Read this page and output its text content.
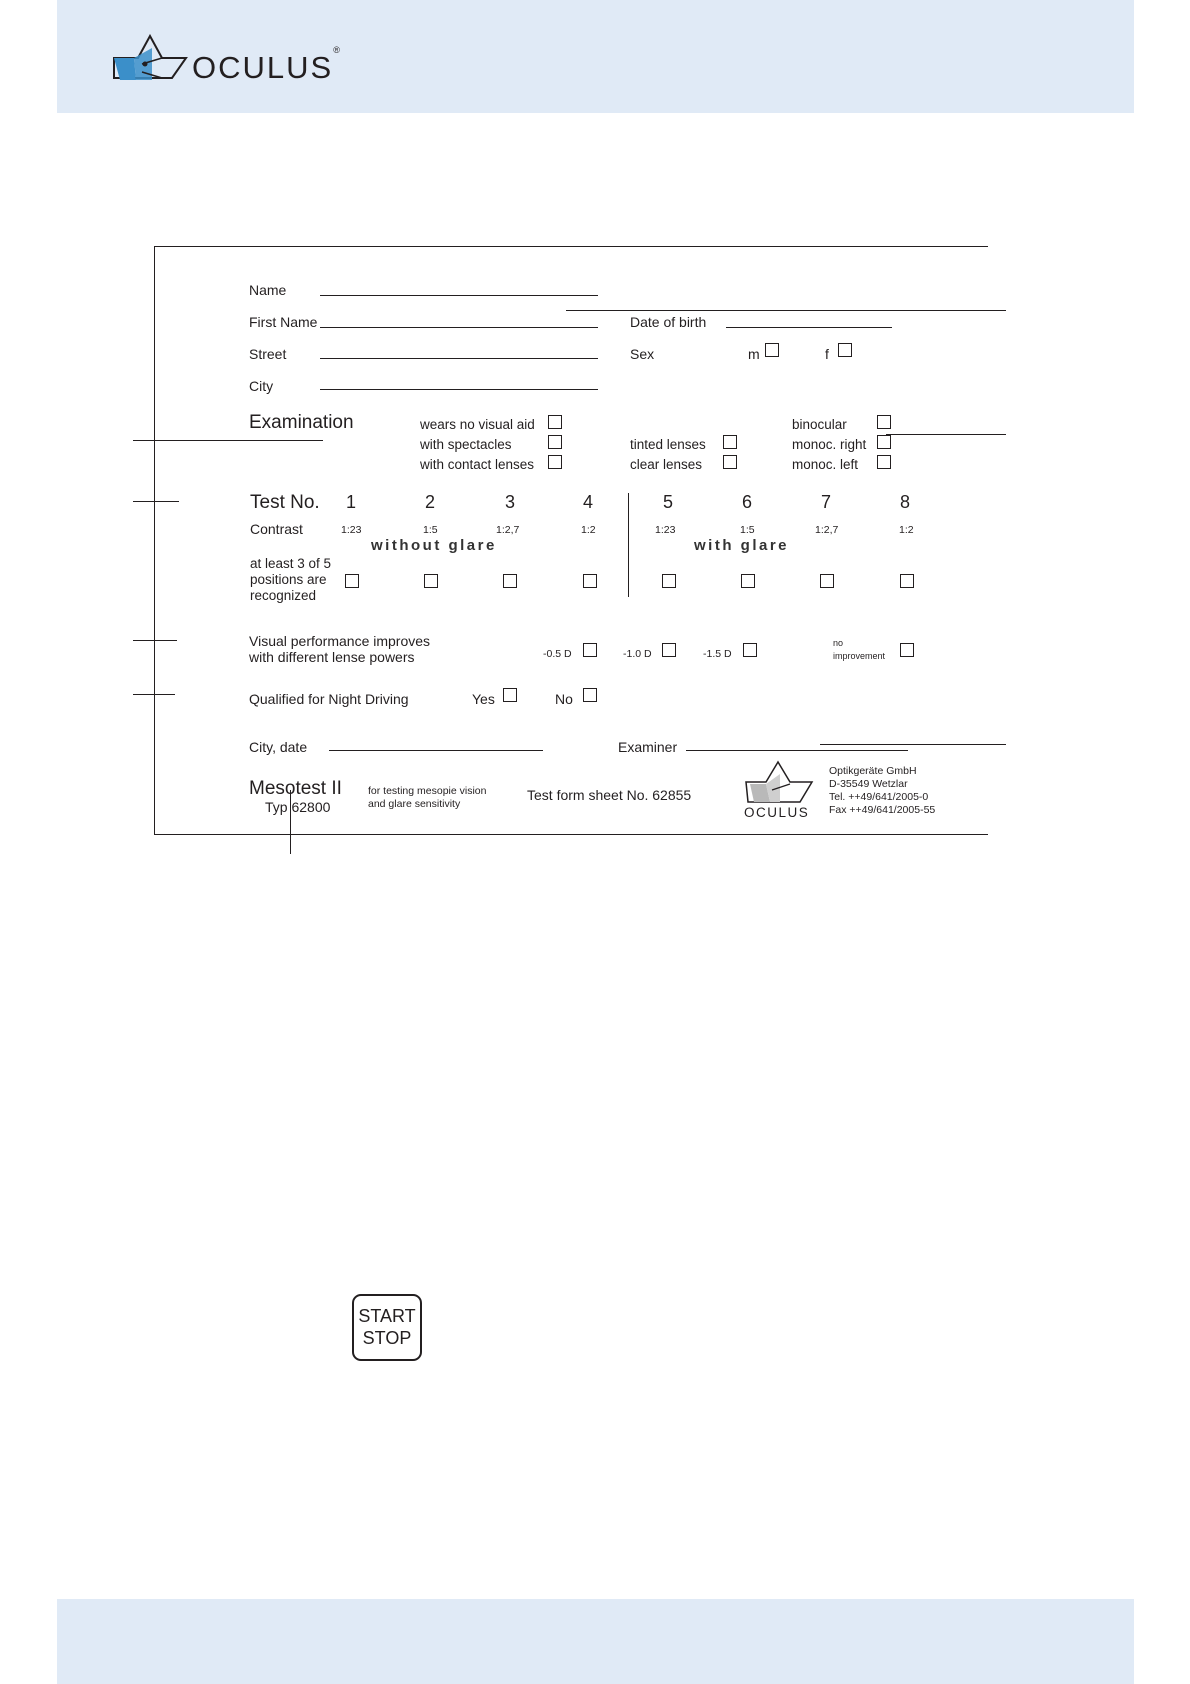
OCULUS®
Name
First Name
Street
City
Date of birth
Sex	m	f
Examination	wears no visual aid
with spectacles
with contact lenses
tinted lenses
clear lenses
binocular
monoc. right
monoc. left
Test No.
Contrast
1	2	3	4	5	6	7	8
1:23	1:5	1:2,7	1:2	1:23	1:5	1:2,7	1:2
without glare	with glare
at least 3 of 5
positions are
recognized
Visual performance improves
with different lense powers	-0.5 D	-1.0 D	-1.5 D
no
improvement
Qualified for Night Driving	Yes	No
City, date	Examiner
Mesotest II
Typ 62800
for testing mesopie vision
and glare sensitivity
Test form sheet No. 62855
OCULUS
Optikgeräte GmbH
D-35549 Wetzlar
Tel. ++49/641/2005-0
Fax ++49/641/2005-55
START
STOP
